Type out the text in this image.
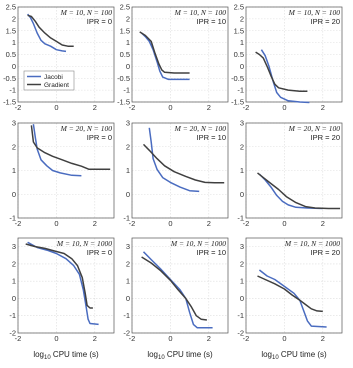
-2	0	2
-1.5
-1
-0.5
0
0.5
1
1.5
2
2.5
M = 10, N = 100
IPR = 0
Jacobi
Gradient
-2	0	2
-1.5
-1
-0.5
0
0.5
1
1.5
2
2.5
M = 10, N = 100
IPR = 10
-2	0	2
-1.5
-1
-0.5
0
0.5
1
1.5
2
2.5
M = 10, N = 100
IPR = 20
-2	0	2
-1
0
1
2
3
M = 20, N = 100
IPR = 0
-2	0	2
-1
0
1
2
3
M = 20, N = 100
IPR = 10
-2	0	2
-1
0
1
2
3
M = 20, N = 100
IPR = 20
-2	0	2
-2
-1
0
1
2
3	M = 10, N = 1000
IPR = 0
$\log_{10}$ CPU time (s)
-2	0	2
-2
-1
0
1
2
3	M = 10, N = 1000
IPR = 10
$\log_{10}$ CPU time (s)
-2	0	2
-2
-1
0
1
2
3	M = 10, N = 1000
IPR = 20
$\log_{10}$ CPU time (s)
